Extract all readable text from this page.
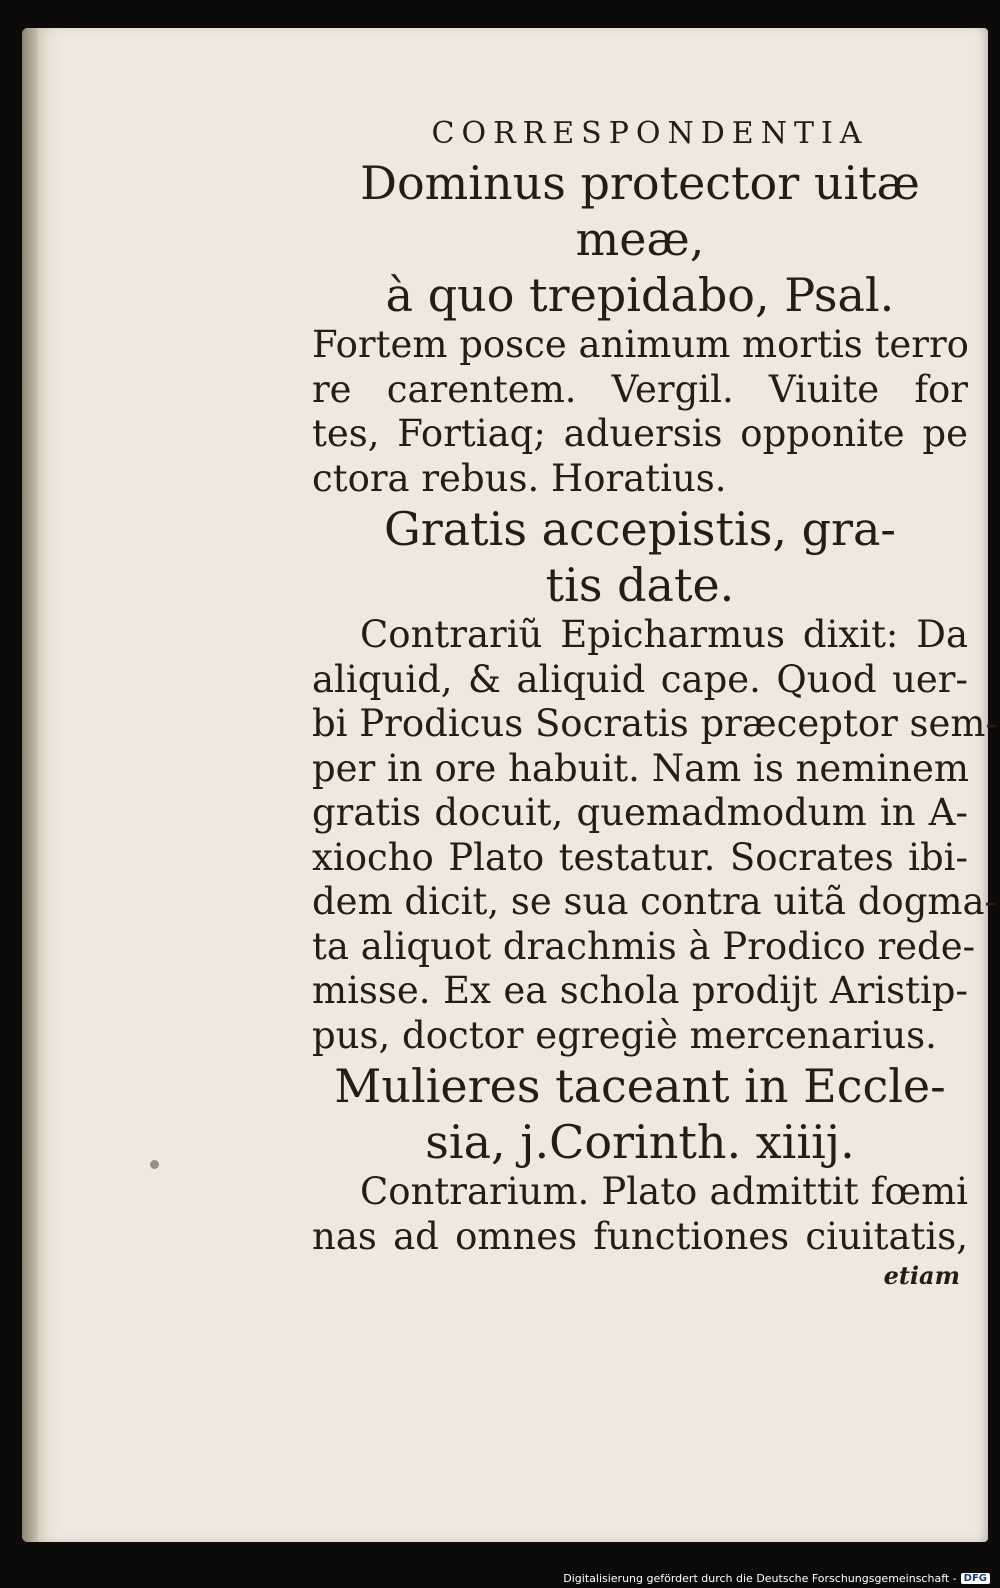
CORRESPONDENTIA
Dominus protector uitæ meæ,
à quo trepidabo, Psal.
Fortem posce animum mortis terro
re carentem. Vergil. Viuite for
tes, Fortiaq; aduersis opponite pe
ctora rebus. Horatius.
Gratis accepistis, gra-
tis date.
Contrariũ Epicharmus dixit: Da
aliquid, & aliquid cape. Quod uer-
bi Prodicus Socratis præceptor sem-
per in ore habuit. Nam is neminem
gratis docuit, quemadmodum in A-
xiocho Plato testatur. Socrates ibi-
dem dicit, se sua contra uitã dogma-
ta aliquot drachmis à Prodico rede-
misse. Ex ea schola prodijt Aristip-
pus, doctor egregiè mercenarius.
Mulieres taceant in Eccle-
sia, j.Corinth. xiiij.
Contrarium. Plato admittit fœmi
nas ad omnes functiones ciuitatis,
etiam
Digitalisierung gefördert durch die Deutsche Forschungsgemeinschaft - DFG
